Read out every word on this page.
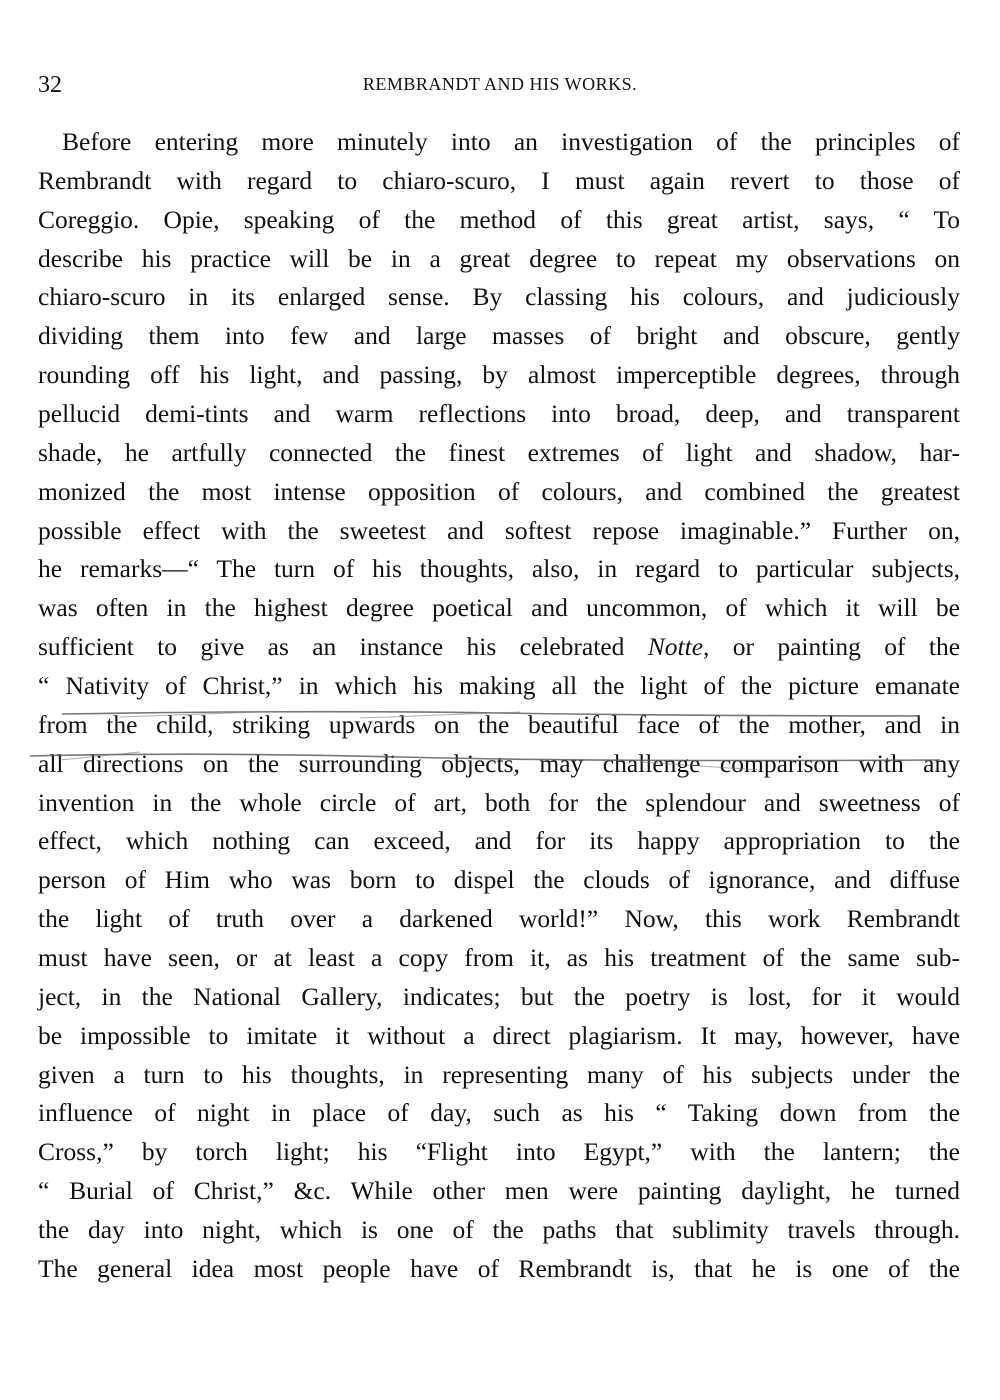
32	REMBRANDT AND HIS WORKS.
Before entering more minutely into an investigation of the principles of
Rembrandt with regard to chiaro-scuro, I must again revert to those of
Coreggio. Opie, speaking of the method of this great artist, says, “ To
describe his practice will be in a great degree to repeat my observations on
chiaro-scuro in its enlarged sense. By classing his colours, and judiciously
dividing them into few and large masses of bright and obscure, gently
rounding off his light, and passing, by almost imperceptible degrees, through
pellucid demi-tints and warm reflections into broad, deep, and transparent
shade, he artfully connected the finest extremes of light and shadow, har-
monized the most intense opposition of colours, and combined the greatest
possible effect with the sweetest and softest repose imaginable.” Further on,
he remarks—“ The turn of his thoughts, also, in regard to particular subjects,
was often in the highest degree poetical and uncommon, of which it will be
sufficient to give as an instance his celebrated Notte, or painting of the
“ Nativity of Christ,” in which his making all the light of the picture emanate
from the child, striking upwards on the beautiful face of the mother, and in
all directions on the surrounding objects, may challenge comparison with any
invention in the whole circle of art, both for the splendour and sweetness of
effect, which nothing can exceed, and for its happy appropriation to the
person of Him who was born to dispel the clouds of ignorance, and diffuse
the light of truth over a darkened world!” Now, this work Rembrandt
must have seen, or at least a copy from it, as his treatment of the same sub-
ject, in the National Gallery, indicates; but the poetry is lost, for it would
be impossible to imitate it without a direct plagiarism. It may, however, have
given a turn to his thoughts, in representing many of his subjects under the
influence of night in place of day, such as his “ Taking down from the
Cross,” by torch light; his “Flight into Egypt,” with the lantern; the
“ Burial of Christ,” &c. While other men were painting daylight, he turned
the day into night, which is one of the paths that sublimity travels through.
The general idea most people have of Rembrandt is, that he is one of the
